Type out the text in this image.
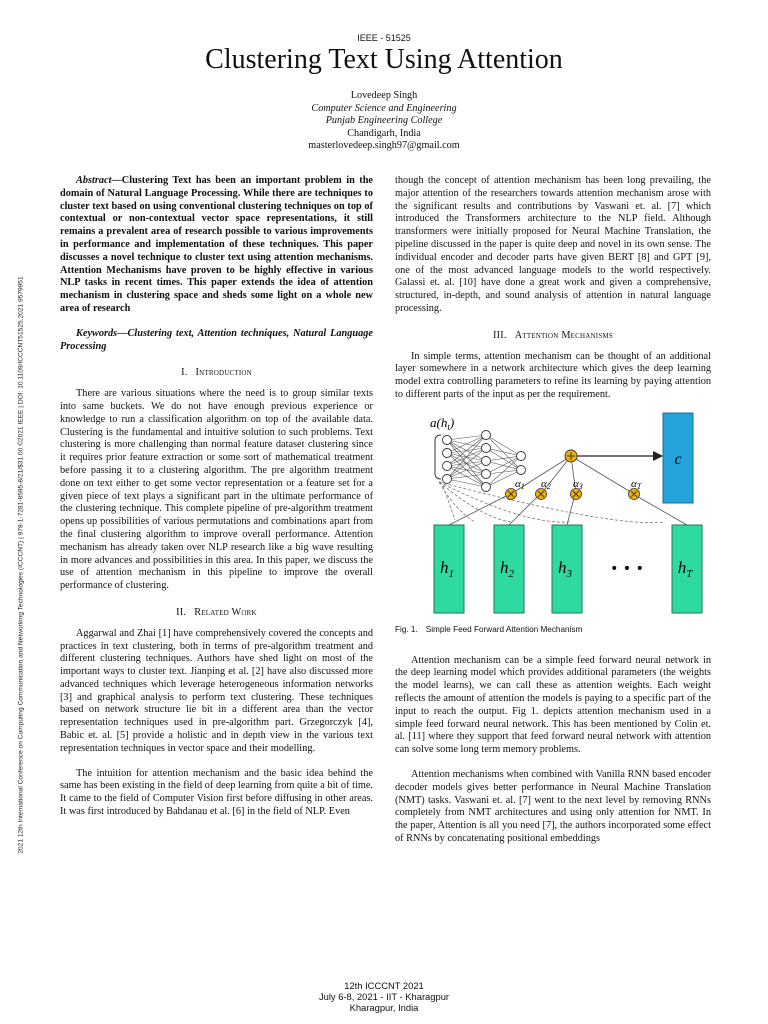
2021 12th International Conference on Computing Communication and Networking Technologies (ICCCNT) | 978-1-7281-8595-8/21/$31.00 ©2021 IEEE | DOI: 10.1109/ICCCNT51525.2021.9579951
IEEE - 51525
Clustering Text Using Attention
Lovedeep Singh
Computer Science and Engineering
Punjab Engineering College
Chandigarh, India
masterlovedeep.singh97@gmail.com

Abstract—Clustering Text has been an important problem in the domain of Natural Language Processing. While there are techniques to cluster text based on using conventional clustering techniques on top of contextual or non-contextual vector space representations, it still remains a prevalent area of research possible to various improvements in performance and implementation of these techniques. This paper discusses a novel technique to cluster text using attention mechanisms. Attention Mechanisms have proven to be highly effective in various NLP tasks in recent times. This paper extends the idea of attention mechanism in clustering space and sheds some light on a whole new area of research

Keywords—Clustering text, Attention techniques, Natural Language Processing

I. Introduction

There are various situations where the need is to group similar texts into same buckets. We do not have enough previous experience or knowledge to run a classification algorithm on top of the available data. Clustering is the fundamental and intuitive solution to such problems. Text clustering is more challenging than normal feature dataset clustering since it requires prior feature extraction or some sort of mathematical treatment before passing it to a clustering algorithm. The pre algorithm treatment done on text either to get some vector representation or a feature set for a given piece of text plays a significant part in the ultimate performance of the clustering technique. This complete pipeline of pre-algorithm treatment opens up possibilities of various permutations and combinations apart from the final clustering algorithm to improve overall performance. Attention mechanism has already taken over NLP research like a big wave resulting in more advances and possibilities in this area. In this paper, we discuss the use of attention mechanism in this pipeline to improve the overall performance of clustering.

II. Related Work

Aggarwal and Zhai [1] have comprehensively covered the concepts and practices in text clustering, both in terms of pre-algorithm treatment and different clustering techniques. Authors have shed light on most of the important ways to cluster text. Jianping et al. [2] have also discussed more advanced techniques which leverage heterogeneous information networks [3] and graphical analysis to perform text clustering. These techniques based on network structure lie bit in a different area than the vector representation techniques used in pre-algorithm part. Grzegorczyk [4], Babic et. al. [5] provide a holistic and in depth view in the various text representation techniques in vector space and their modelling.

The intuition for attention mechanism and the basic idea behind the same has been existing in the field of deep learning from quite a bit of time. It came to the field of Computer Vision first before diffusing in other areas. It was first introduced by Bahdanau et al. [6] in the field of NLP. Even

though the concept of attention mechanism has been long prevailing, the major attention of the researchers towards attention mechanism arose with the significant results and contributions by Vaswani et. al. [7] which introduced the Transformers architecture to the NLP field. Although transformers were initially proposed for Neural Machine Translation, the pipeline discussed in the paper is quite deep and novel in its own sense. The individual encoder and decoder parts have given BERT [8] and GPT [9], one of the most advanced language models to the world respectively. Galassi et. al. [10] have done a great work and given a comprehensive, structured, in-depth, and sound analysis of attention in natural language processing.

III. Attention Mechanisms

In simple terms, attention mechanism can be thought of an additional layer somewhere in a network architecture which gives the deep learning model extra controlling parameters to refine its learning by paying attention to different parts of the input as per the requirement.

$a(h_t)$
c
α1 α2 α3	αT
$h_1$	$h_2$	$h_3$	$h_T$
• • •
Fig. 1. Simple Feed Forward Attention Mechanism

Attention mechanism can be a simple feed forward neural network in the deep learning model which provides additional parameters (the weights the model learns), we can call these as attention weights. Each weight reflects the amount of attention the models is paying to a specific part of the input to reach the output. Fig 1. depicts attention mechanism used in a simple feed forward neural network. This has been mentioned by Colin et. al. [11] where they support that feed forward neural network with attention can solve some long term memory problems.

Attention mechanisms when combined with Vanilla RNN based encoder decoder models gives better performance in Neural Machine Translation (NMT) tasks. Vaswani et. al. [7] went to the next level by removing RNNs completely from NMT architectures and using only attention for NMT. In the paper, Attention is all you need [7], the authors incorporated some effect of RNNs by concatenating positional embeddings

12th ICCCNT 2021
July 6-8, 2021 - IIT - Kharagpur
Kharagpur, India
